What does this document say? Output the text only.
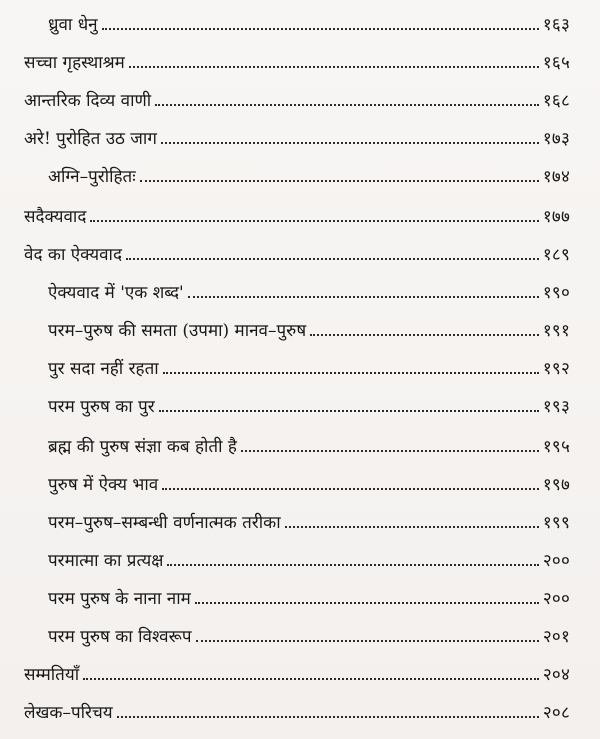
ध्रुवा धेनु	१६३
सच्चा गृहस्थाश्रम	१६५
आन्तरिक दिव्य वाणी	१६८
अरे! पुरोहित उठ जाग	१७३
अग्नि–पुरोहितः	१७४
सदैक्यवाद	१७७
वेद का ऐक्यवाद	१८९
ऐक्यवाद में 'एक शब्द'	१९०
परम–पुरुष की समता (उपमा) मानव–पुरुष	१९१
पुर सदा नहीं रहता	१९२
परम पुरुष का पुर	१९३
ब्रह्म की पुरुष संज्ञा कब होती है	१९५
पुरुष में ऐक्य भाव	१९७
परम–पुरुष–सम्बन्धी वर्णनात्मक तरीका	१९९
परमात्मा का प्रत्यक्ष	२००
परम पुरुष के नाना नाम	२००
परम पुरुष का विश्वरूप	२०१
सम्मतियाँ	२०४
लेखक–परिचय	२०८
